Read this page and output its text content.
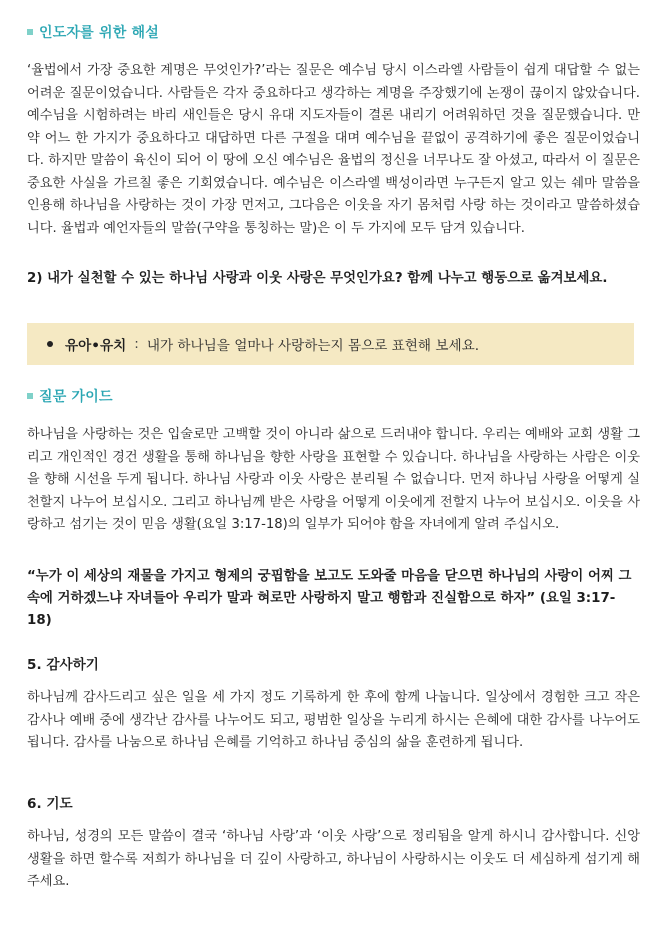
인도자를 위한 해설
‘율법에서 가장 중요한 계명은 무엇인가?’라는 질문은 예수님 당시 이스라엘 사람들이 쉽게 대답할 수 없는 어려운 질문이었습니다. 사람들은 각자 중요하다고 생각하는 계명을 주장했기에 논쟁이 끊이지 않았습니다. 예수님을 시험하려는 바리 새인들은 당시 유대 지도자들이 결론 내리기 어려워하던 것을 질문했습니다. 만약 어느 한 가지가 중요하다고 대답하면 다른 구절을 대며 예수님을 끝없이 공격하기에 좋은 질문이었습니다. 하지만 말씀이 육신이 되어 이 땅에 오신 예수님은 율법의 정신을 너무나도 잘 아셨고, 따라서 이 질문은 중요한 사실을 가르칠 좋은 기회였습니다. 예수님은 이스라엘 백성이라면 누구든지 알고 있는 쉐마 말씀을 인용해 하나님을 사랑하는 것이 가장 먼저고, 그다음은 이웃을 자기 몸처럼 사랑 하는 것이라고 말씀하셨습니다. 율법과 예언자들의 말씀(구약을 통칭하는 말)은 이 두 가지에 모두 담겨 있습니다.
2) 내가 실천할 수 있는 하나님 사랑과 이웃 사랑은 무엇인가요? 함께 나누고 행동으로 옮겨보세요.
유아•유치 : 내가 하나님을 얼마나 사랑하는지 몸으로 표현해 보세요.
질문 가이드
하나님을 사랑하는 것은 입술로만 고백할 것이 아니라 삶으로 드러내야 합니다. 우리는 예배와 교회 생활 그리고 개인적인 경건 생활을 통해 하나님을 향한 사랑을 표현할 수 있습니다. 하나님을 사랑하는 사람은 이웃을 향해 시선을 두게 됩니다. 하나님 사랑과 이웃 사랑은 분리될 수 없습니다. 먼저 하나님 사랑을 어떻게 실천할지 나누어 보십시오. 그리고 하나님께 받은 사랑을 어떻게 이웃에게 전할지 나누어 보십시오. 이웃을 사랑하고 섬기는 것이 믿음 생활(요일 3:17-18)의 일부가 되어야 함을 자녀에게 알려 주십시오.
“누가 이 세상의 재물을 가지고 형제의 궁핍함을 보고도 도와줄 마음을 닫으면 하나님의 사랑이 어찌 그 속에 거하겠느냐 자녀들아 우리가 말과 혀로만 사랑하지 말고 행함과 진실함으로 하자” (요일 3:17-18)
5. 감사하기
하나님께 감사드리고 싶은 일을 세 가지 정도 기록하게 한 후에 함께 나눕니다. 일상에서 경험한 크고 작은 감사나 예배 중에 생각난 감사를 나누어도 되고, 평범한 일상을 누리게 하시는 은혜에 대한 감사를 나누어도 됩니다. 감사를 나눔으로 하나님 은혜를 기억하고 하나님 중심의 삶을 훈련하게 됩니다.
6. 기도
하나님, 성경의 모든 말씀이 결국 ‘하나님 사랑’과 ‘이웃 사랑’으로 정리됨을 알게 하시니 감사합니다. 신앙생활을 하면 할수록 저희가 하나님을 더 깊이 사랑하고, 하나님이 사랑하시는 이웃도 더 세심하게 섬기게 해 주세요.
